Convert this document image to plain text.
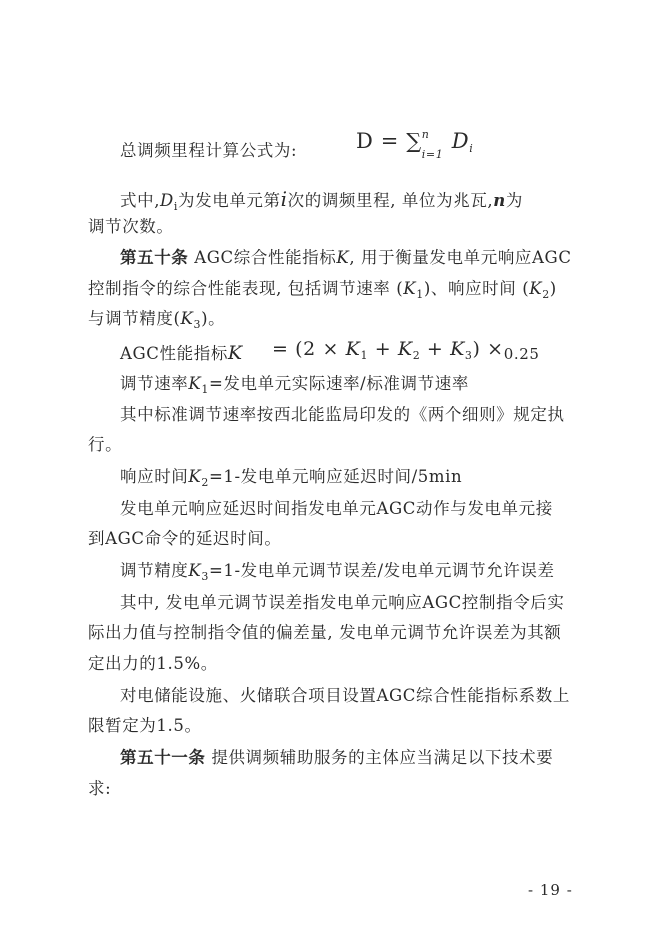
总调频里程计算公式为:	D = ∑ n
i=1
$D_i$
式中$,D_i$为发电单元第i次的调频里程, 单位为兆瓦,n为
调节次数。
第五十条 AGC综合性能指标K, 用于衡量发电单元响应AGC
控制指令的综合性能表现, 包括调节速率 $(K_1)$、响应时间 $(K_2)$
与调节精度$(K_3)$。
AGC性能指标$K = (2 \times K_1 + K_2 + K_3) \times_{0.25}$
调节速率$K_1=$发电单元实际速率/标准调节速率
其中标准调节速率按西北能监局印发的《两个细则》规定执
行。
响应时间$K_2=1-$发电单元响应延迟时间/5min
发电单元响应延迟时间指发电单元AGC动作与发电单元接
到AGC命令的延迟时间。
调节精度$K_3=1-$发电单元调节误差/发电单元调节允许误差
其中, 发电单元调节误差指发电单元响应AGC控制指令后实
际出力值与控制指令值的偏差量, 发电单元调节允许误差为其额
定出力的1.5%。
对电储能设施、火储联合项目设置AGC综合性能指标系数上
限暂定为1.5。
第五十一条 提供调频辅助服务的主体应当满足以下技术要
求:
- 19 -
